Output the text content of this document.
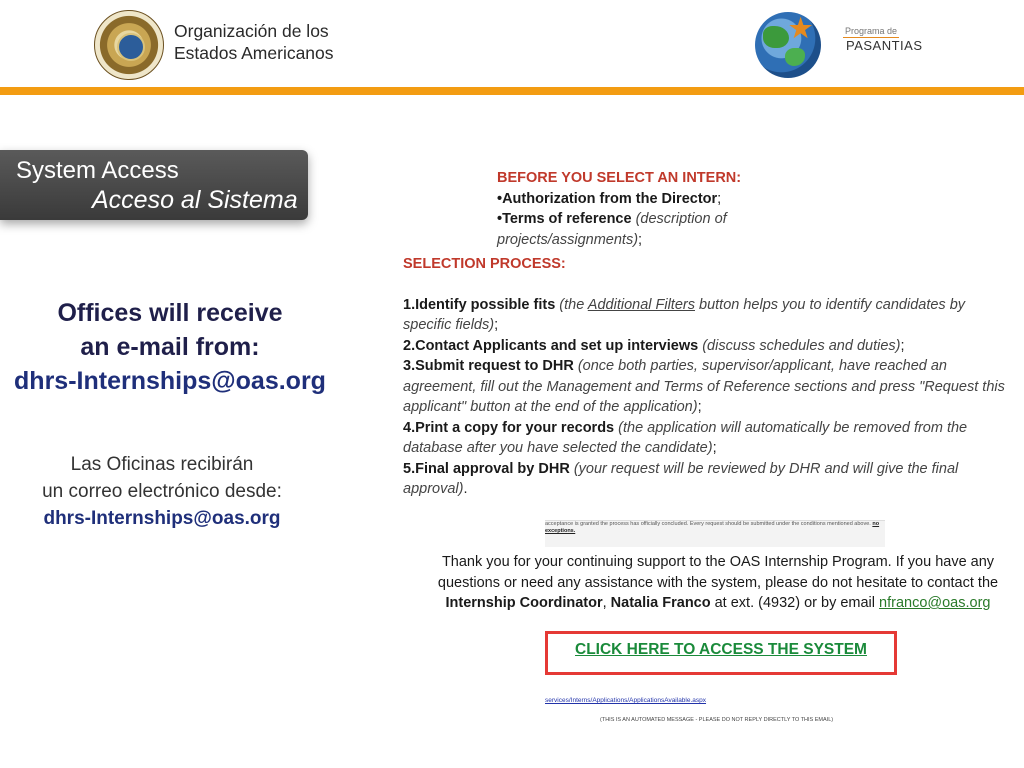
Organización de los
Estados Americanos
★	Programa de
PASANTIAS
System Access
Acceso al Sistema
Offices will receive
an e-mail from:
dhrs-Internships@oas.org
Las Oficinas recibirán
un correo electrónico desde:
dhrs-Internships@oas.org
BEFORE YOU SELECT AN INTERN:
•Authorization from the Director;
•Terms of reference (description of projects/assignments);
SELECTION PROCESS:
1.Identify possible fits (the Additional Filters button helps you to identify candidates by specific fields);
2.Contact Applicants and set up interviews (discuss schedules and duties);
3.Submit request to DHR (once both parties, supervisor/applicant, have reached an agreement, fill out the Management and Terms of Reference sections and press "Request this applicant" button at the end of the application);
4.Print a copy for your records (the application will automatically be removed from the database after you have selected the candidate);
5.Final approval by DHR (your request will be reviewed by DHR and will give the final approval).
acceptance is granted the process has officially concluded. Every request should be submitted under the conditions mentioned above. no exceptions.
Thank you for your continuing support to the OAS Internship Program. If you have any questions or need any assistance with the system, please do not hesitate to contact the Internship Coordinator, Natalia Franco at ext. (4932) or by email nfranco@oas.org
CLICK HERE TO ACCESS THE SYSTEM
services/Interns/Applications/ApplicationsAvailable.aspx
(THIS IS AN AUTOMATED MESSAGE - PLEASE DO NOT REPLY DIRECTLY TO THIS EMAIL)
